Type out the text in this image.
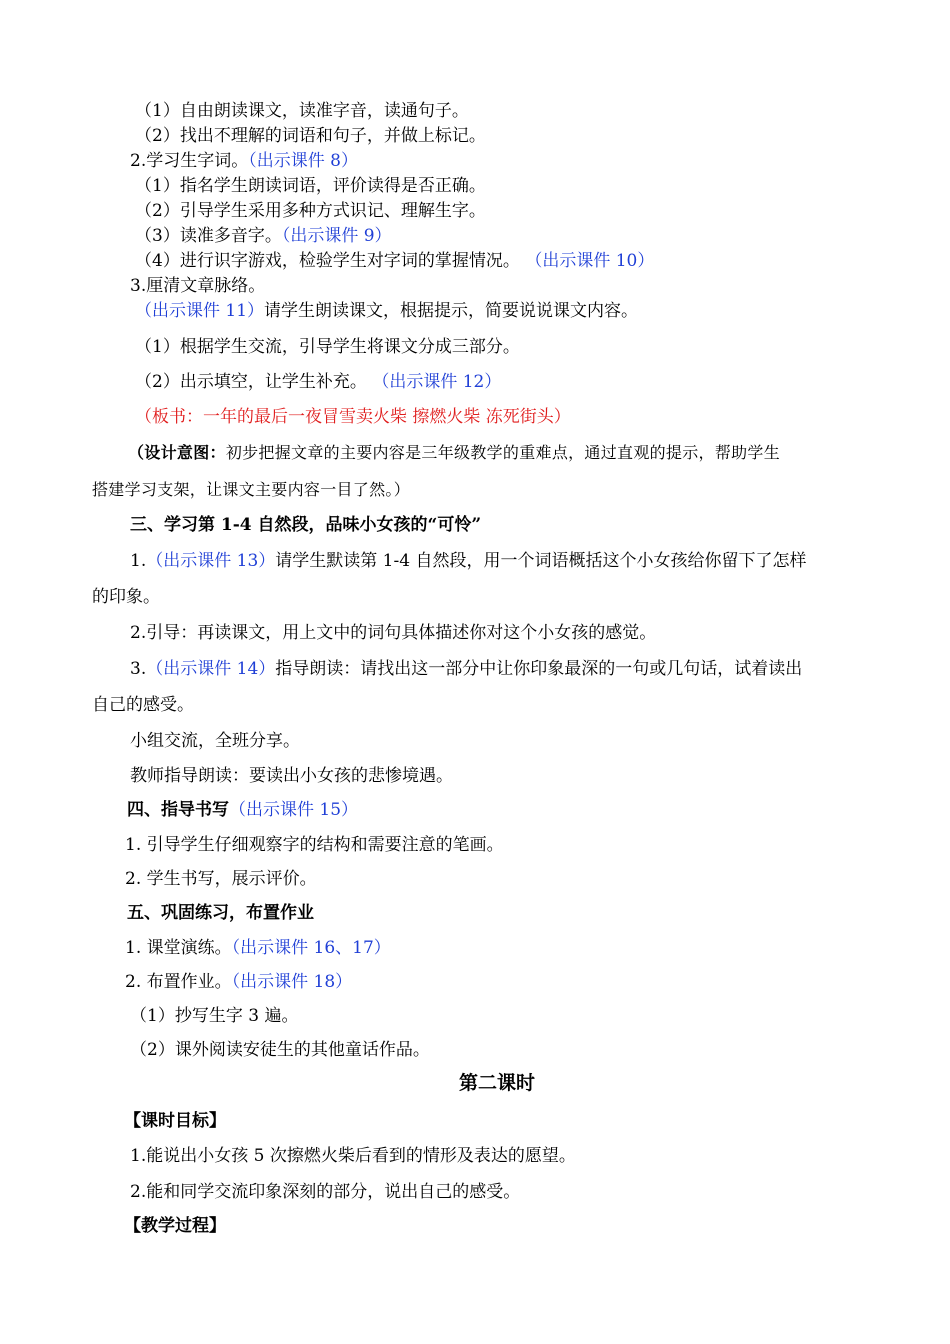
（1）自由朗读课文，读准字音，读通句子。
（2）找出不理解的词语和句子，并做上标记。
2.学习生字词。（出示课件 8）
（1）指名学生朗读词语，评价读得是否正确。
（2）引导学生采用多种方式识记、理解生字。
（3）读准多音字。（出示课件 9）
（4）进行识字游戏，检验学生对字词的掌握情况。 （出示课件 10）
3.厘清文章脉络。
（出示课件 11）请学生朗读课文，根据提示，简要说说课文内容。
（1）根据学生交流，引导学生将课文分成三部分。
（2）出示填空，让学生补充。 （出示课件 12）
（板书：一年的最后一夜冒雪卖火柴 擦燃火柴 冻死街头）
（设计意图：初步把握文章的主要内容是三年级教学的重难点，通过直观的提示，帮助学生
搭建学习支架，让课文主要内容一目了然。）
三、学习第 1-4 自然段，品味小女孩的“可怜”
1.（出示课件 13）请学生默读第 1-4 自然段，用一个词语概括这个小女孩给你留下了怎样
的印象。
2.引导：再读课文，用上文中的词句具体描述你对这个小女孩的感觉。
3.（出示课件 14）指导朗读：请找出这一部分中让你印象最深的一句或几句话，试着读出
自己的感受。
小组交流，全班分享。
教师指导朗读：要读出小女孩的悲惨境遇。
四、指导书写（出示课件 15）
1. 引导学生仔细观察字的结构和需要注意的笔画。
2. 学生书写，展示评价。
五、巩固练习，布置作业
1. 课堂演练。（出示课件 16、17）
2. 布置作业。（出示课件 18）
（1）抄写生字 3 遍。
（2）课外阅读安徒生的其他童话作品。
第二课时
【课时目标】
1.能说出小女孩 5 次擦燃火柴后看到的情形及表达的愿望。
2.能和同学交流印象深刻的部分，说出自己的感受。
【教学过程】
